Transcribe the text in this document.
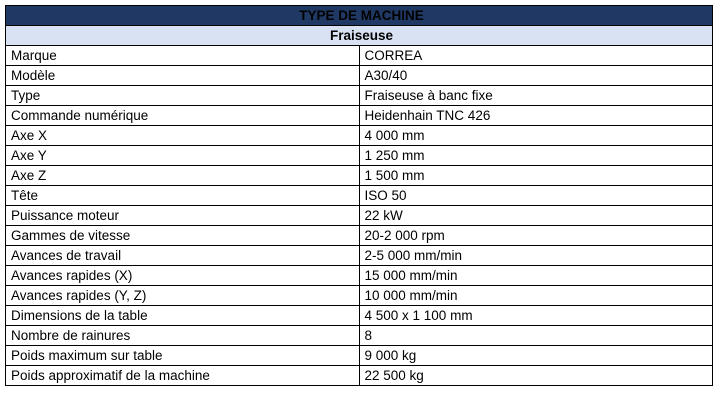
TYPE DE MACHINE	
Fraiseuse	
Marque	CORREA
Modèle	A30/40
Type	Fraiseuse à banc fixe
Commande numérique	Heidenhain TNC 426
Axe X	4 000 mm
Axe Y	1 250 mm
Axe Z	1 500 mm
Tête	ISO 50
Puissance moteur	22 kW
Gammes de vitesse	20-2 000 rpm
Avances de travail	2-5 000 mm/min
Avances rapides (X)	15 000 mm/min
Avances rapides (Y, Z)	10 000 mm/min
Dimensions de la table	4 500 x 1 100 mm
Nombre de rainures	8
Poids maximum sur table	9 000 kg
Poids approximatif de la machine	22 500 kg
